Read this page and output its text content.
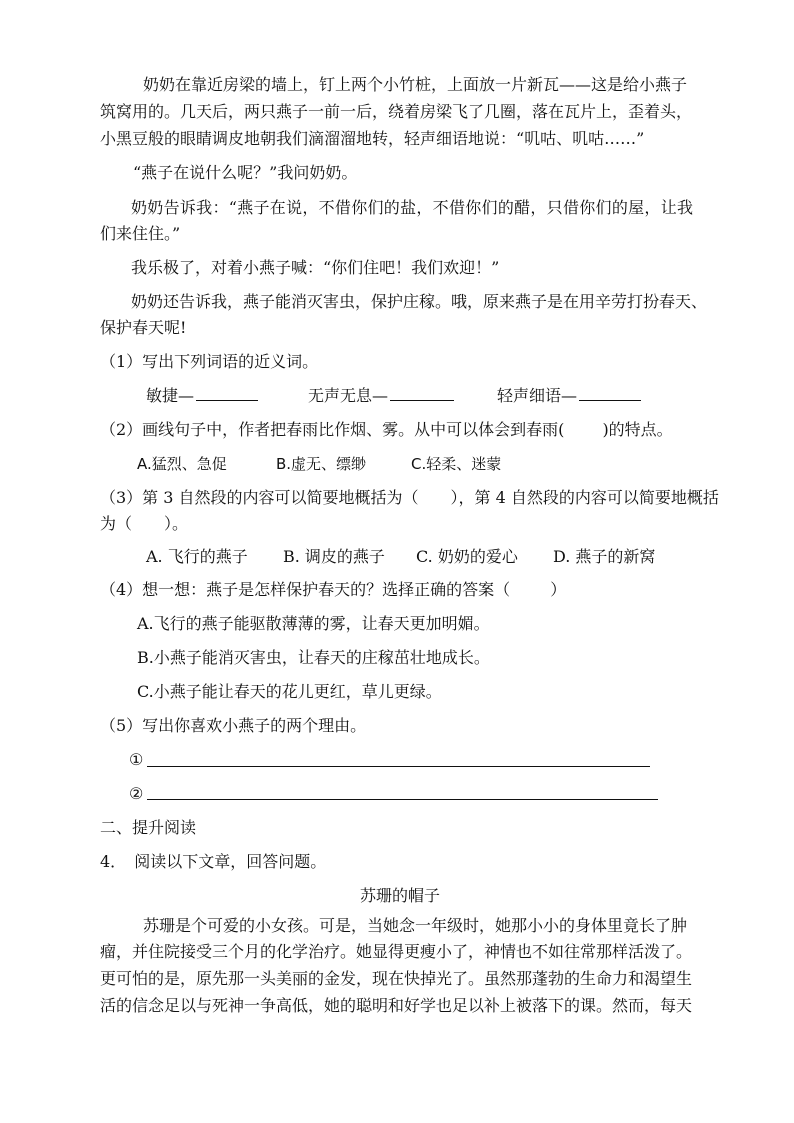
奶奶在靠近房梁的墙上，钉上两个小竹桩，上面放一片新瓦——这是给小燕子
筑窝用的。几天后，两只燕子一前一后，绕着房梁飞了几圈，落在瓦片上，歪着头，
小黑豆般的眼睛调皮地朝我们滴溜溜地转，轻声细语地说：“叽咕、叽咕……”
“燕子在说什么呢？”我问奶奶。
奶奶告诉我：“燕子在说，不借你们的盐，不借你们的醋，只借你们的屋，让我
们来住住。”
我乐极了，对着小燕子喊：“你们住吧！我们欢迎！”
奶奶还告诉我，燕子能消灭害虫，保护庄稼。哦，原来燕子是在用辛劳打扮春天、
保护春天呢!
（1）写出下列词语的近义词。
敏捷—	无声无息—	轻声细语—
（2）画线句子中，作者把春雨比作烟、雾。从中可以体会到春雨( )的特点。
A.猛烈、急促	B.虚无、缥缈	C.轻柔、迷蒙
（3）第 3 自然段的内容可以简要地概括为（ ），第 4 自然段的内容可以简要地概括
为（ ）。
A. 飞行的燕子 B. 调皮的燕子 C. 奶奶的爱心 D. 燕子的新窝
（4）想一想：燕子是怎样保护春天的？选择正确的答案（	）
A.飞行的燕子能驱散薄薄的雾，让春天更加明媚。
B.小燕子能消灭害虫，让春天的庄稼茁壮地成长。
C.小燕子能让春天的花儿更红，草儿更绿。
（5）写出你喜欢小燕子的两个理由。
①
②
二、提升阅读
4． 阅读以下文章，回答问题。
苏珊的帽子
苏珊是个可爱的小女孩。可是，当她念一年级时，她那小小的身体里竟长了肿
瘤，并住院接受三个月的化学治疗。她显得更瘦小了，神情也不如往常那样活泼了。
更可怕的是，原先那一头美丽的金发，现在快掉光了。虽然那蓬勃的生命力和渴望生
活的信念足以与死神一争高低，她的聪明和好学也足以补上被落下的课。然而，每天
